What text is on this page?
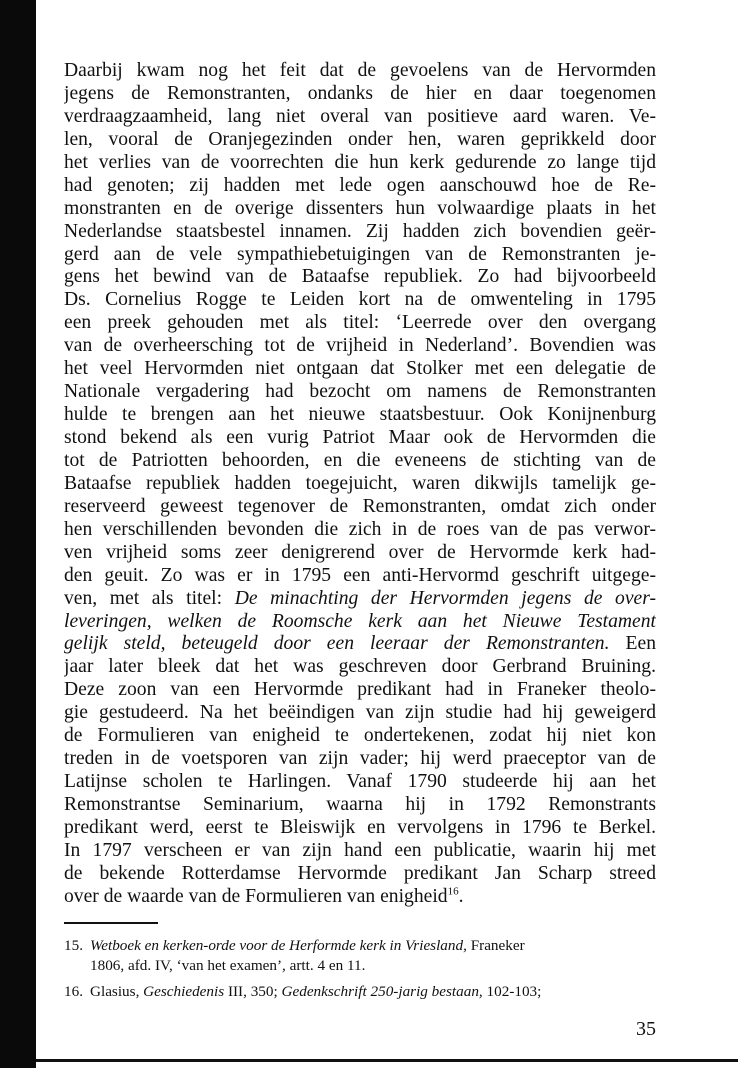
Daarbij kwam nog het feit dat de gevoelens van de Hervormden
jegens de Remonstranten, ondanks de hier en daar toegenomen
verdraagzaamheid, lang niet overal van positieve aard waren. Ve-
len, vooral de Oranjegezinden onder hen, waren geprikkeld door
het verlies van de voorrechten die hun kerk gedurende zo lange tijd
had genoten; zij hadden met lede ogen aanschouwd hoe de Re-
monstranten en de overige dissenters hun volwaardige plaats in het
Nederlandse staatsbestel innamen. Zij hadden zich bovendien geër-
gerd aan de vele sympathiebetuigingen van de Remonstranten je-
gens het bewind van de Bataafse republiek. Zo had bijvoorbeeld
Ds. Cornelius Rogge te Leiden kort na de omwenteling in 1795
een preek gehouden met als titel: ‘Leerrede over den overgang
van de overheersching tot de vrijheid in Nederland’. Bovendien was
het veel Hervormden niet ontgaan dat Stolker met een delegatie de
Nationale vergadering had bezocht om namens de Remonstranten
hulde te brengen aan het nieuwe staatsbestuur. Ook Konijnenburg
stond bekend als een vurig Patriot Maar ook de Hervormden die
tot de Patriotten behoorden, en die eveneens de stichting van de
Bataafse republiek hadden toegejuicht, waren dikwijls tamelijk ge-
reserveerd geweest tegenover de Remonstranten, omdat zich onder
hen verschillenden bevonden die zich in de roes van de pas verwor-
ven vrijheid soms zeer denigrerend over de Hervormde kerk had-
den geuit. Zo was er in 1795 een anti-Hervormd geschrift uitgege-
ven, met als titel: De minachting der Hervormden jegens de over-
leveringen, welken de Roomsche kerk aan het Nieuwe Testament
gelijk steld, beteugeld door een leeraar der Remonstranten. Een
jaar later bleek dat het was geschreven door Gerbrand Bruining.
Deze zoon van een Hervormde predikant had in Franeker theolo-
gie gestudeerd. Na het beëindigen van zijn studie had hij geweigerd
de Formulieren van enigheid te ondertekenen, zodat hij niet kon
treden in de voetsporen van zijn vader; hij werd praeceptor van de
Latijnse scholen te Harlingen. Vanaf 1790 studeerde hij aan het
Remonstrantse Seminarium, waarna hij in 1792 Remonstrants
predikant werd, eerst te Bleiswijk en vervolgens in 1796 te Berkel.
In 1797 verscheen er van zijn hand een publicatie, waarin hij met
de bekende Rotterdamse Hervormde predikant Jan Scharp streed
over de waarde van de Formulieren van enigheid$^{16}$.
15. Wetboek en kerken-orde voor de Herformde kerk in Vriesland, Franeker
1806, afd. IV, ‘van het examen’, artt. 4 en 11.
16. Glasius, Geschiedenis III, 350; Gedenkschrift 250-jarig bestaan, 102-103;
35
